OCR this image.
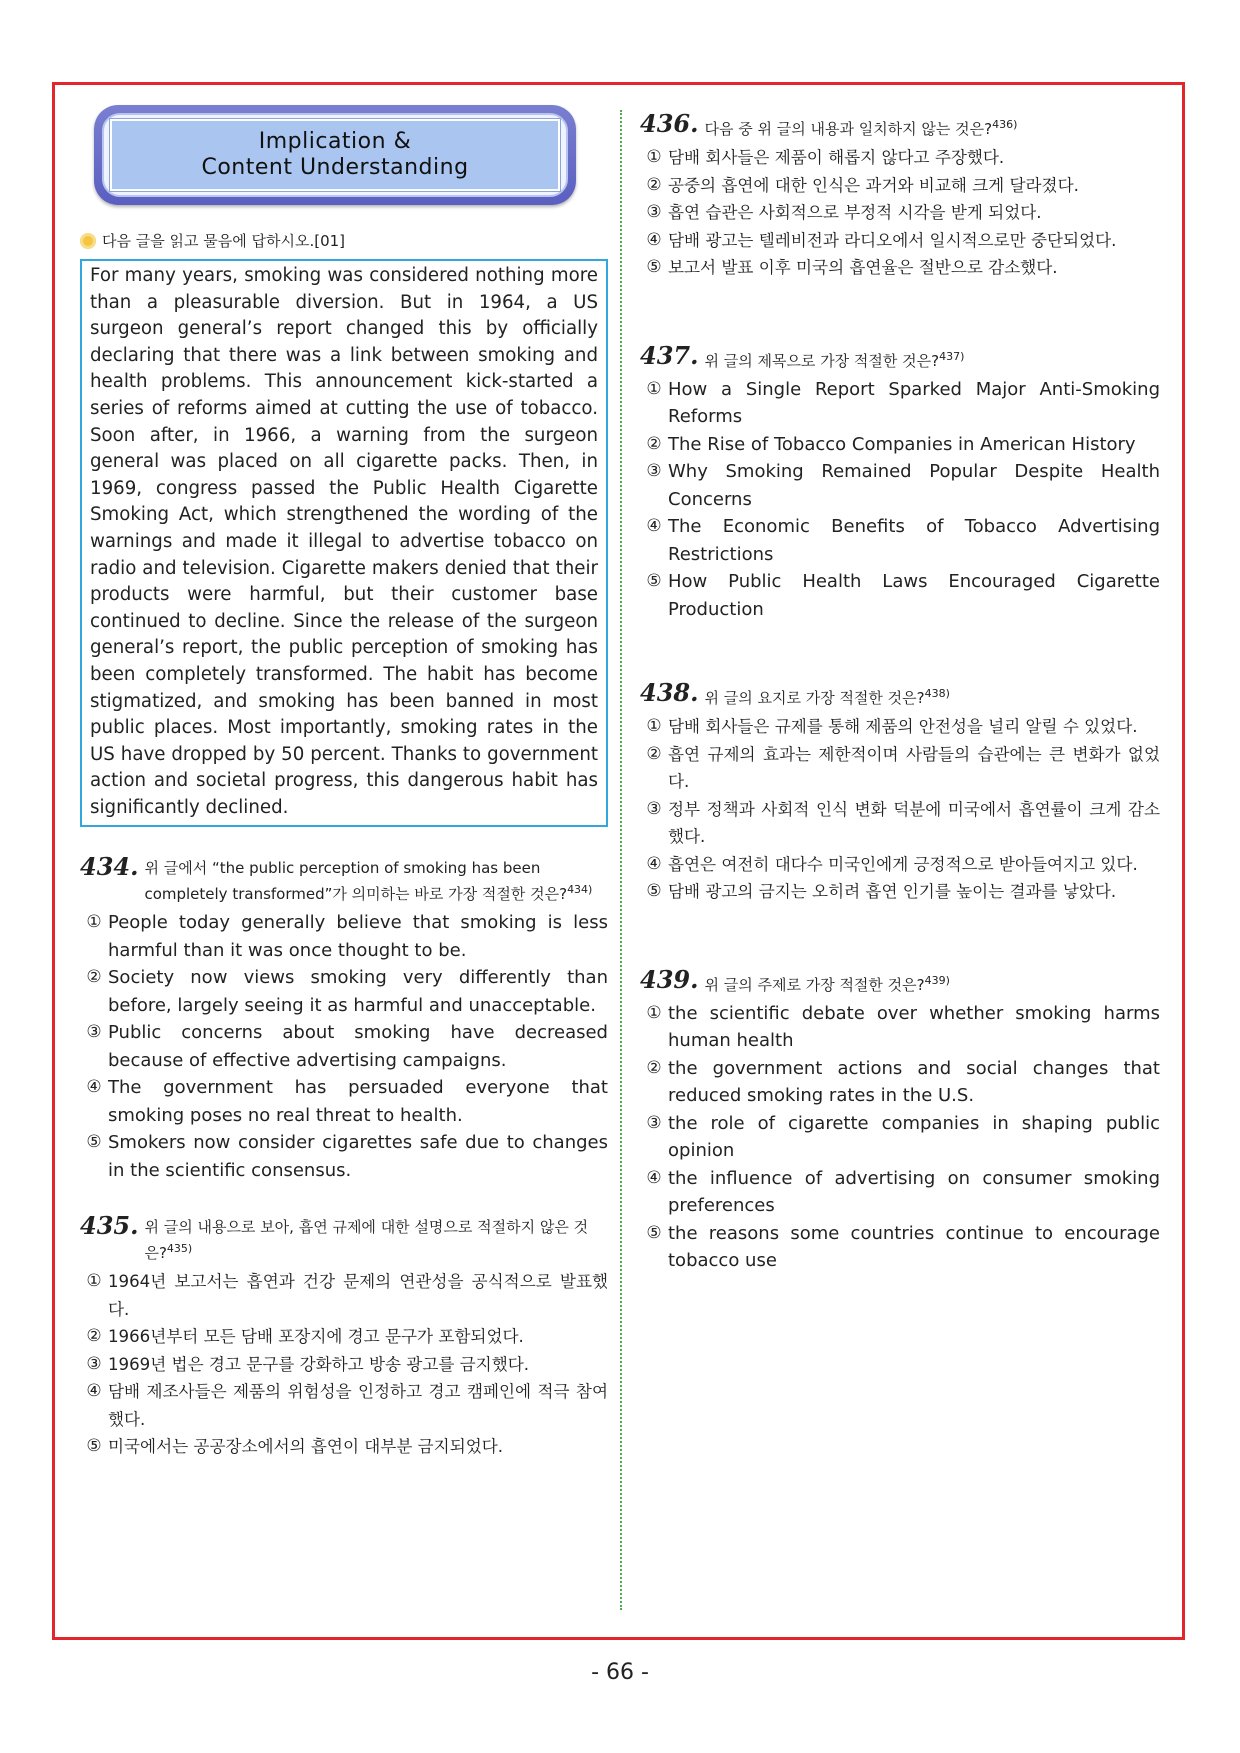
Implication &
Content Understanding
다음 글을 읽고 물음에 답하시오.[01]
For many years, smoking was considered nothing more than a pleasurable diversion. But in 1964, a US surgeon general’s report changed this by officially declaring that there was a link between smoking and health problems. This announcement kick-started a series of reforms aimed at cutting the use of tobacco. Soon after, in 1966, a warning from the surgeon general was placed on all cigarette packs. Then, in 1969, congress passed the Public Health Cigarette Smoking Act, which strengthened the wording of the warnings and made it illegal to advertise tobacco on radio and television. Cigarette makers denied that their products were harmful, but their customer base continued to decline. Since the release of the surgeon general’s report, the public perception of smoking has been completely transformed. The habit has become stigmatized, and smoking has been banned in most public places. Most importantly, smoking rates in the US have dropped by 50 percent. Thanks to government action and societal progress, this dangerous habit has significantly declined.
434. 위 글에서 “the public perception of smoking has been completely transformed”가 의미하는 바로 가장 적절한 것은?$^{434)}$
① People today generally believe that smoking is less harmful than it was once thought to be.
② Society now views smoking very differently than before, largely seeing it as harmful and unacceptable.
③ Public concerns about smoking have decreased because of effective advertising campaigns.
④ The government has persuaded everyone that smoking poses no real threat to health.
⑤ Smokers now consider cigarettes safe due to changes in the scientific consensus.
435. 위 글의 내용으로 보아, 흡연 규제에 대한 설명으로 적절하지 않은 것은?$^{435)}$
① 1964년 보고서는 흡연과 건강 문제의 연관성을 공식적으로 발표했다.
② 1966년부터 모든 담배 포장지에 경고 문구가 포함되었다.
③ 1969년 법은 경고 문구를 강화하고 방송 광고를 금지했다.
④ 담배 제조사들은 제품의 위험성을 인정하고 경고 캠페인에 적극 참여했다.
⑤ 미국에서는 공공장소에서의 흡연이 대부분 금지되었다.
436. 다음 중 위 글의 내용과 일치하지 않는 것은?$^{436)}$
① 담배 회사들은 제품이 해롭지 않다고 주장했다.
② 공중의 흡연에 대한 인식은 과거와 비교해 크게 달라졌다.
③ 흡연 습관은 사회적으로 부정적 시각을 받게 되었다.
④ 담배 광고는 텔레비전과 라디오에서 일시적으로만 중단되었다.
⑤ 보고서 발표 이후 미국의 흡연율은 절반으로 감소했다.
437. 위 글의 제목으로 가장 적절한 것은?$^{437)}$
① How a Single Report Sparked Major Anti-Smoking Reforms
② The Rise of Tobacco Companies in American History
③ Why Smoking Remained Popular Despite Health Concerns
④ The Economic Benefits of Tobacco Advertising Restrictions
⑤ How Public Health Laws Encouraged Cigarette Production
438. 위 글의 요지로 가장 적절한 것은?$^{438)}$
① 담배 회사들은 규제를 통해 제품의 안전성을 널리 알릴 수 있었다.
② 흡연 규제의 효과는 제한적이며 사람들의 습관에는 큰 변화가 없었다.
③ 정부 정책과 사회적 인식 변화 덕분에 미국에서 흡연률이 크게 감소했다.
④ 흡연은 여전히 대다수 미국인에게 긍정적으로 받아들여지고 있다.
⑤ 담배 광고의 금지는 오히려 흡연 인기를 높이는 결과를 낳았다.
439. 위 글의 주제로 가장 적절한 것은?$^{439)}$
① the scientific debate over whether smoking harms human health
② the government actions and social changes that reduced smoking rates in the U.S.
③ the role of cigarette companies in shaping public opinion
④ the influence of advertising on consumer smoking preferences
⑤ the reasons some countries continue to encourage tobacco use
- 66 -
